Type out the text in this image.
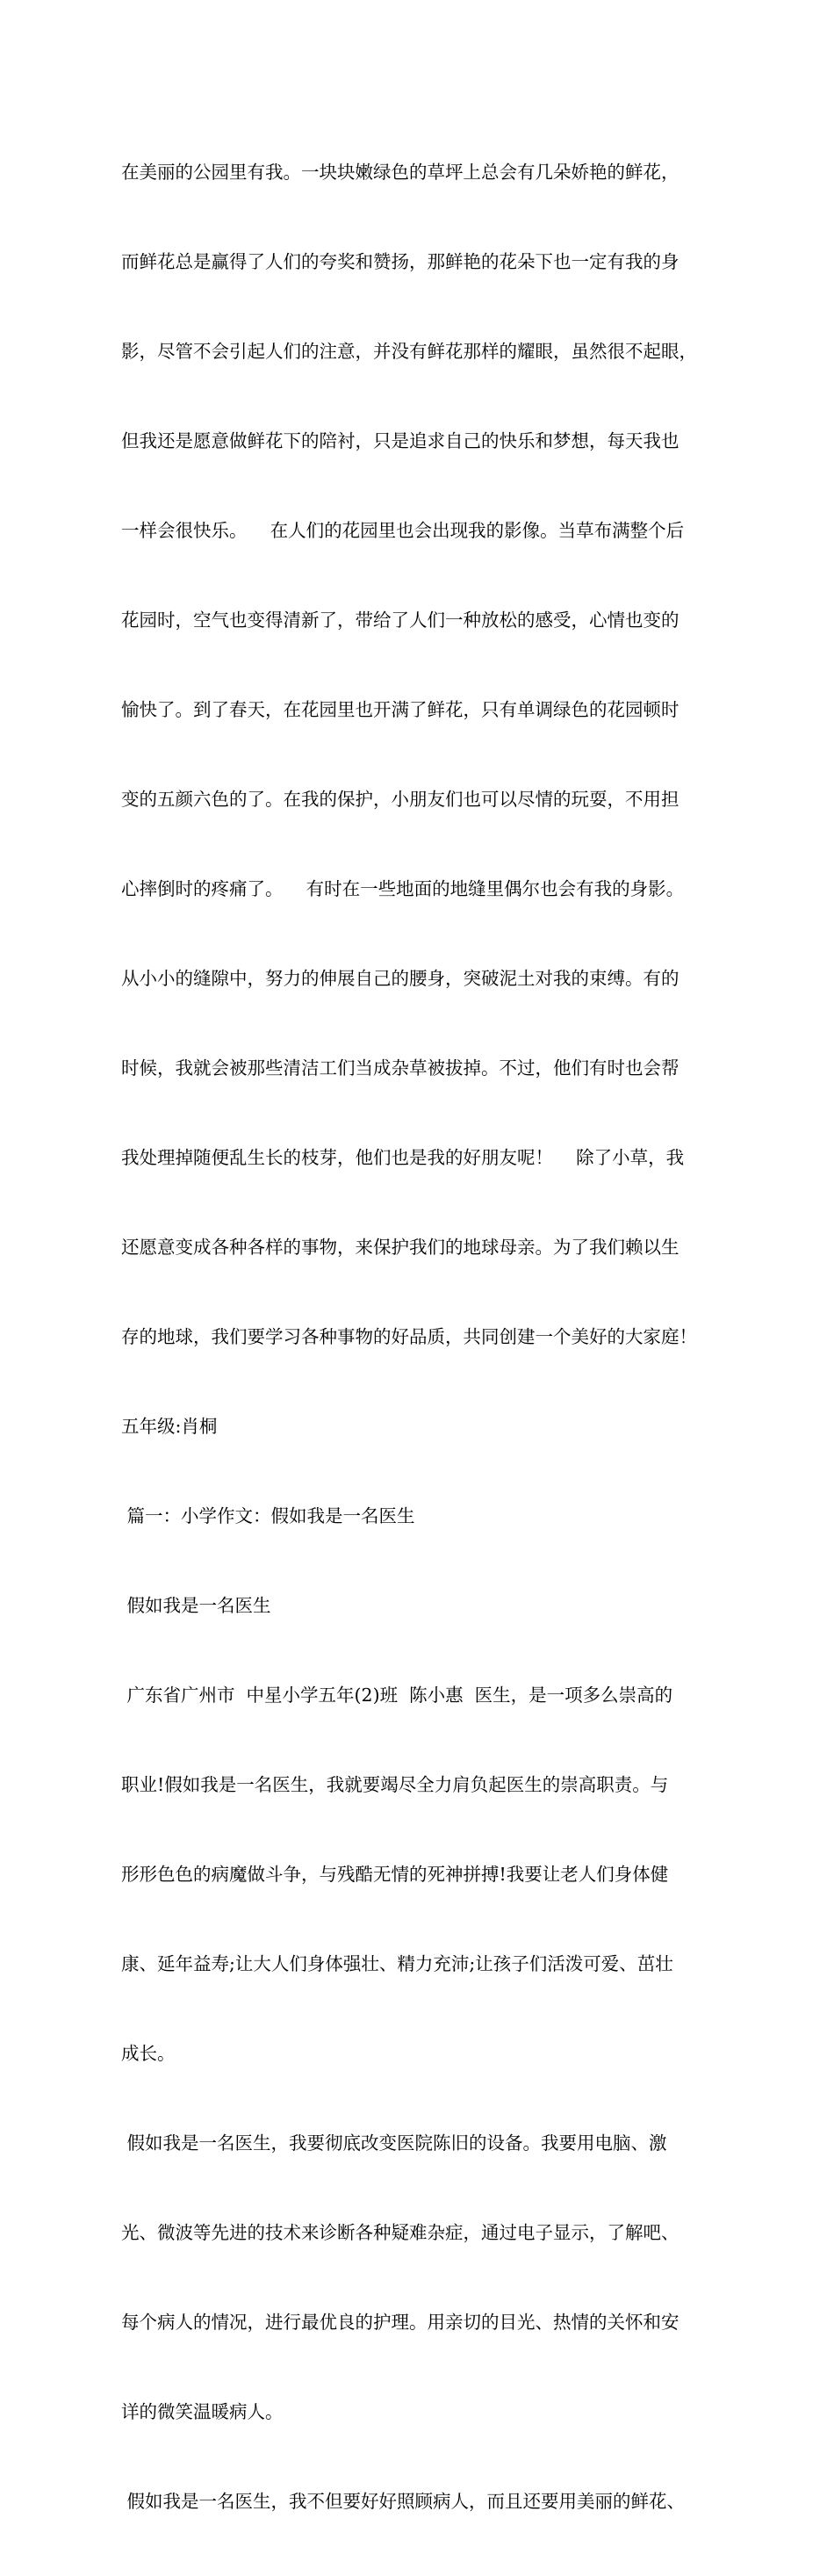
在美丽的公园里有我。一块块嫩绿色的草坪上总会有几朵娇艳的鲜花，

而鲜花总是赢得了人们的夸奖和赞扬，那鲜艳的花朵下也一定有我的身

影，尽管不会引起人们的注意，并没有鲜花那样的耀眼，虽然很不起眼，

但我还是愿意做鲜花下的陪衬，只是追求自己的快乐和梦想，每天我也

一样会很快乐。    在人们的花园里也会出现我的影像。当草布满整个后

花园时，空气也变得清新了，带给了人们一种放松的感受，心情也变的

愉快了。到了春天，在花园里也开满了鲜花，只有单调绿色的花园顿时

变的五颜六色的了。在我的保护，小朋友们也可以尽情的玩耍，不用担

心摔倒时的疼痛了。    有时在一些地面的地缝里偶尔也会有我的身影。

从小小的缝隙中，努力的伸展自己的腰身，突破泥土对我的束缚。有的

时候，我就会被那些清洁工们当成杂草被拔掉。不过，他们有时也会帮

我处理掉随便乱生长的枝芽，他们也是我的好朋友呢！    除了小草，我

还愿意变成各种各样的事物，来保护我们的地球母亲。为了我们赖以生

存的地球，我们要学习各种事物的好品质，共同创建一个美好的大家庭！

五年级:肖桐

篇一：小学作文：假如我是一名医生

假如我是一名医生

广东省广州市  中星小学五年(2)班  陈小惠  医生，是一项多么崇高的

职业!假如我是一名医生，我就要竭尽全力肩负起医生的崇高职责。与

形形色色的病魔做斗争，与残酷无情的死神拼搏!我要让老人们身体健

康、延年益寿;让大人们身体强壮、精力充沛;让孩子们活泼可爱、茁壮

成长。

假如我是一名医生，我要彻底改变医院陈旧的设备。我要用电脑、激

光、微波等先进的技术来诊断各种疑难杂症，通过电子显示，了解吧、

每个病人的情况，进行最优良的护理。用亲切的目光、热情的关怀和安

详的微笑温暖病人。

假如我是一名医生，我不但要好好照顾病人，而且还要用美丽的鲜花、
